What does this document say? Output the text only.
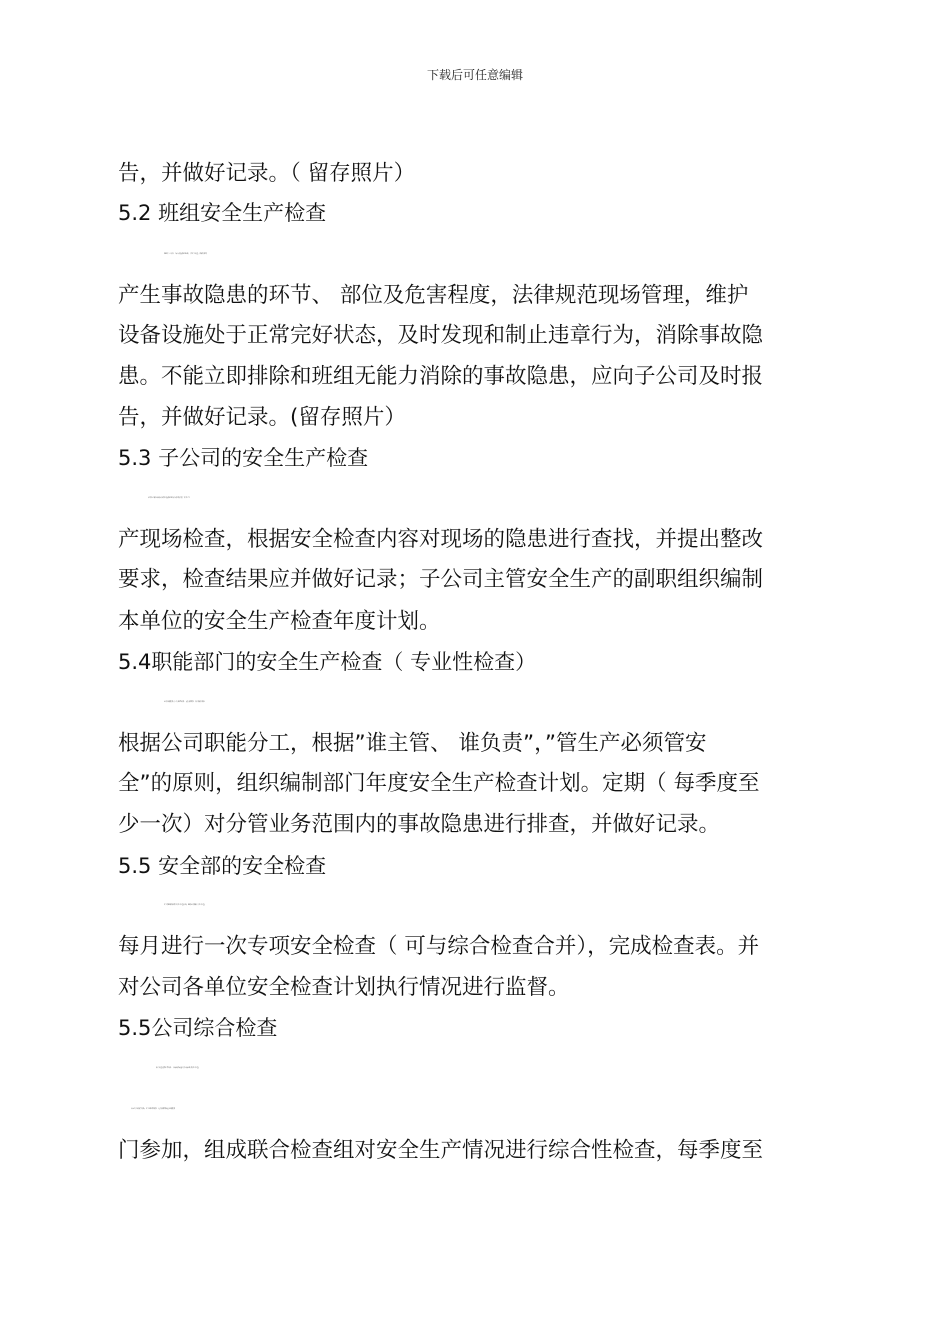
下载后可任意编辑
告，并做好记录。（ 留存照片）
5.2 班组安全生产检查
班组长（ 站长） 每天对负责区域进行一次安全检查，准确掌握易
产生事故隐患的环节、 部位及危害程度，法律规范现场管理，维护
设备设施处于正常完好状态，及时发现和制止违章行为，消除事故隐
患。不能立即排除和班组无能力消除的事故隐患，应向子公司及时报
告，并做好记录。(留存照片）
5.3 子公司的安全生产检查
本单位正职应每周对本单位负责区域有针对性的开展一次安全生
产现场检查，根据安全检查内容对现场的隐患进行查找，并提出整改
要求，检查结果应并做好记录；子公司主管安全生产的副职组织编制
本单位的安全生产检查年度计划。
5.4职能部门的安全生产检查（ 专业性检查）
公司各职能部门（ 行政企管部、 运行保障部、 客户服务部等）
根据公司职能分工，根据”谁主管、 谁负责”，”管生产必须管安
全”的原则，组织编制部门年度安全生产检查计划。定期（ 每季度至
少一次）对分管业务范围内的事故隐患进行排查，并做好记录。
5.5 安全部的安全检查
安全部组织编制年度安全检查计划，组织公司级综合安全检查，
每月进行一次专项安全检查（ 可与综合检查合并），完成检查表。并
对公司各单位安全检查计划执行情况进行监督。
5.5公司综合检查
综合检查是指在季度初、 节前或国家重大活动前进行的安全检查，
由公司主管领导带队，安全风险控制部、 运行保障部或其它职能部
门参加，组成联合检查组对安全生产情况进行综合性检查，每季度至
